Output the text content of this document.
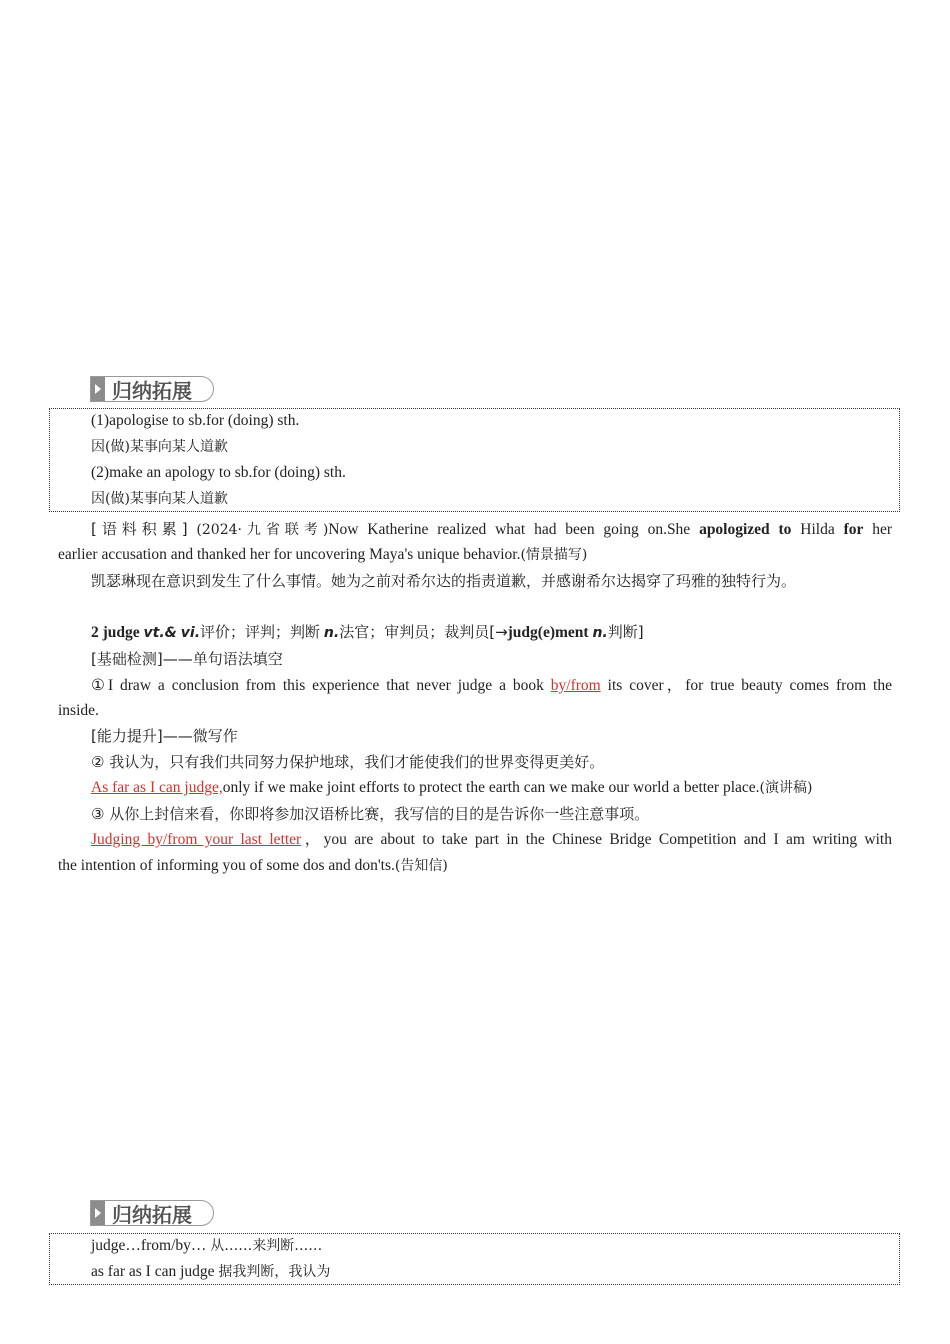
归纳拓展
(1)apologise to sb.for (doing) sth.
因(做)某事向某人道歉
(2)make an apology to sb.for (doing) sth.
因(做)某事向某人道歉
[语料积累] (2024·九省联考)Now Katherine realized what had been going on.She apologized to Hilda for her
earlier accusation and thanked her for uncovering Maya's unique behavior.(情景描写)
凯瑟琳现在意识到发生了什么事情。她为之前对希尔达的指责道歉，并感谢希尔达揭穿了玛雅的独特行为。
2 judge vt.& vi.评价；评判；判断 n.法官；审判员；裁判员[→judg(e)ment n.判断]
[基础检测]——单句语法填空
①I draw a conclusion from this experience that never judge a book by/from its cover，for true beauty comes from the
inside.
[能力提升]——微写作
② 我认为，只有我们共同努力保护地球，我们才能使我们的世界变得更美好。
As far as I can judge,only if we make joint efforts to protect the earth can we make our world a better place.(演讲稿)
③ 从你上封信来看，你即将参加汉语桥比赛，我写信的目的是告诉你一些注意事项。
Judging by/from your last letter，you are about to take part in the Chinese Bridge Competition and I am writing with
the intention of informing you of some dos and don'ts.(告知信)
归纳拓展
judge…from/by… 从……来判断……
as far as I can judge 据我判断，我认为
